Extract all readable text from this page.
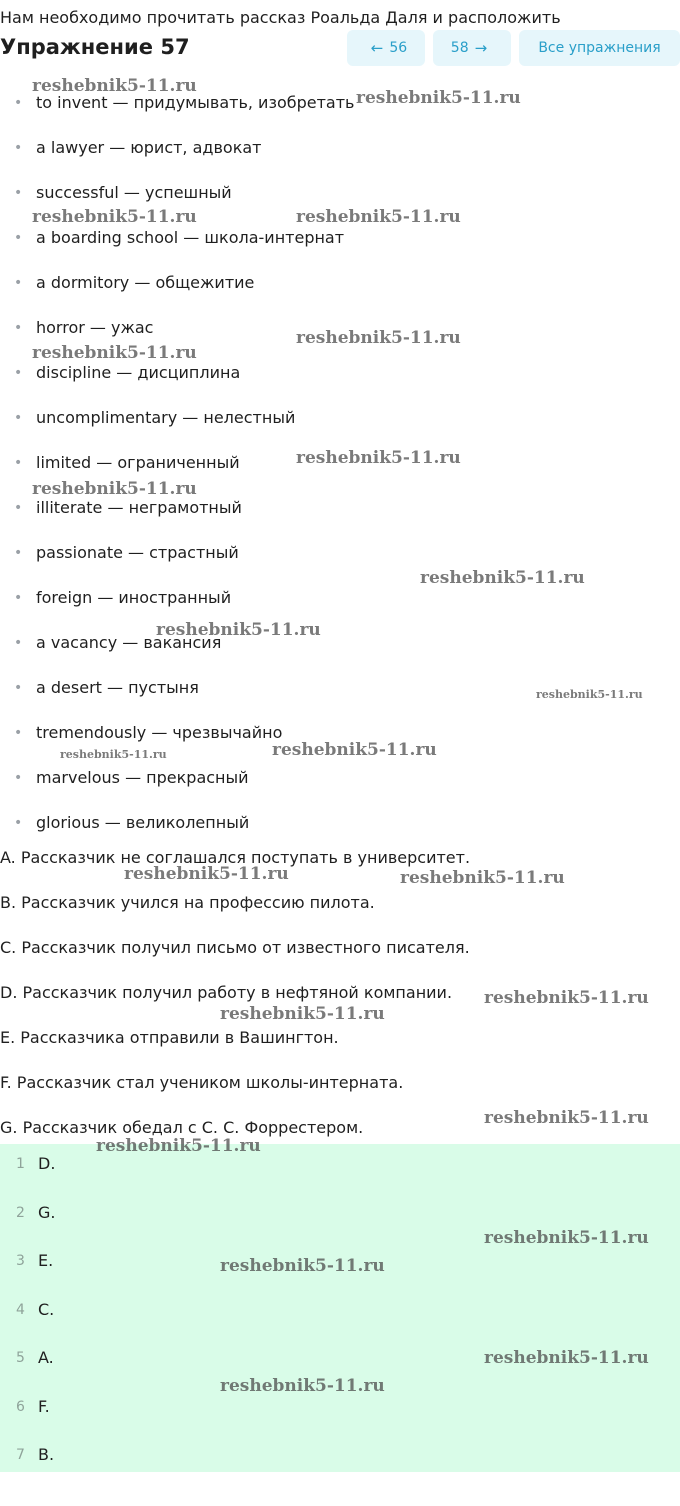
Нам необходимо прочитать рассказ Роальда Даля и расположить
Упражнение 57	← 56	58 →	Все упражнения
• to invent — придумывать, изобретать
• a lawyer — юрист, адвокат
• successful — успешный
• a boarding school — школа-интернат
• a dormitory — общежитие
• horror — ужас
• discipline — дисциплина
• uncomplimentary — нелестный
• limited — ограниченный
• illiterate — неграмотный
• passionate — страстный
• foreign — иностранный
• a vacancy — вакансия
• a desert — пустыня
• tremendously — чрезвычайно
• marvelous — прекрасный
• glorious — великолепный
A. Рассказчик не соглашался поступать в университет.
B. Рассказчик учился на профессию пилота.
C. Рассказчик получил письмо от известного писателя.
D. Рассказчик получил работу в нефтяной компании.
E. Рассказчика отправили в Вашингтон.
F. Рассказчик стал учеником школы-интерната.
G. Рассказчик обедал с С. С. Форрестером.
1 D.
2 G.
3 E.
4 C.
5 A.
6 F.
7 B.
reshebnik5-11.ru
reshebnik5-11.ru
reshebnik5-11.ru	reshebnik5-11.ru
reshebnik5-11.ru
reshebnik5-11.ru
reshebnik5-11.ru
reshebnik5-11.ru
reshebnik5-11.ru
reshebnik5-11.ru
reshebnik5-11.ru
reshebnik5-11.ru	reshebnik5-11.ru
reshebnik5-11.ru	reshebnik5-11.ru
reshebnik5-11.ru
reshebnik5-11.ru
reshebnik5-11.ru
reshebnik5-11.ru
reshebnik5-11.ru
reshebnik5-11.ru
reshebnik5-11.ru
reshebnik5-11.ru
